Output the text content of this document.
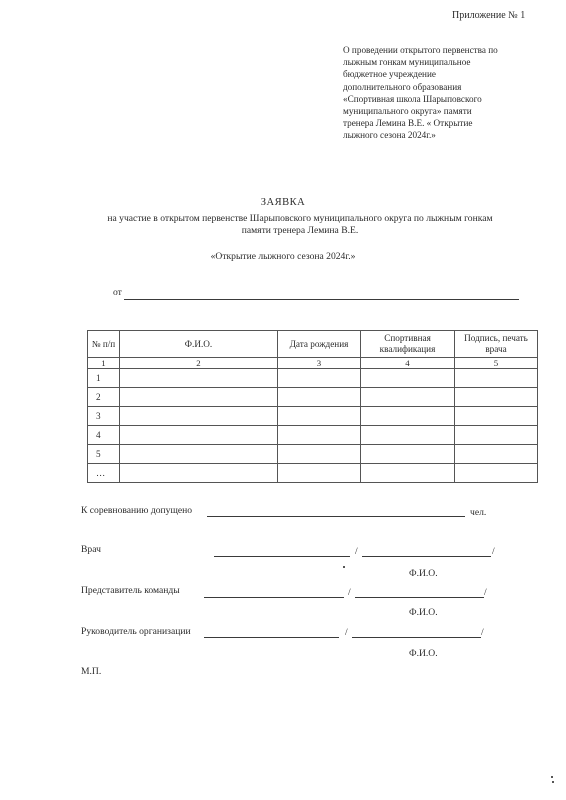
Приложение № 1
О проведении открытого первенства по
лыжным гонкам муниципальное
бюджетное учреждение
дополнительного образования
«Спортивная школа Шарыповского
муниципального округа» памяти
тренера Лемина В.Е. « Открытие
лыжного сезона 2024г.»
ЗАЯВКА
на участие в открытом первенстве Шарыповского муниципального округа по лыжным гонкам
памяти тренера Лемина В.Е.
«Открытие лыжного сезона 2024г.»
от
№ п/п	Ф.И.О.	Дата рождения	Спортивная квалификация	Подпись, печать врача
1	2	3	4	5
1				
2				
3				
4				
5				
…				
К соревнованию допущено	чел.
Врач	/	/
Ф.И.О.
Представитель команды	/	/
Ф.И.О.
Руководитель организации	/	/
Ф.И.О.
М.П.
